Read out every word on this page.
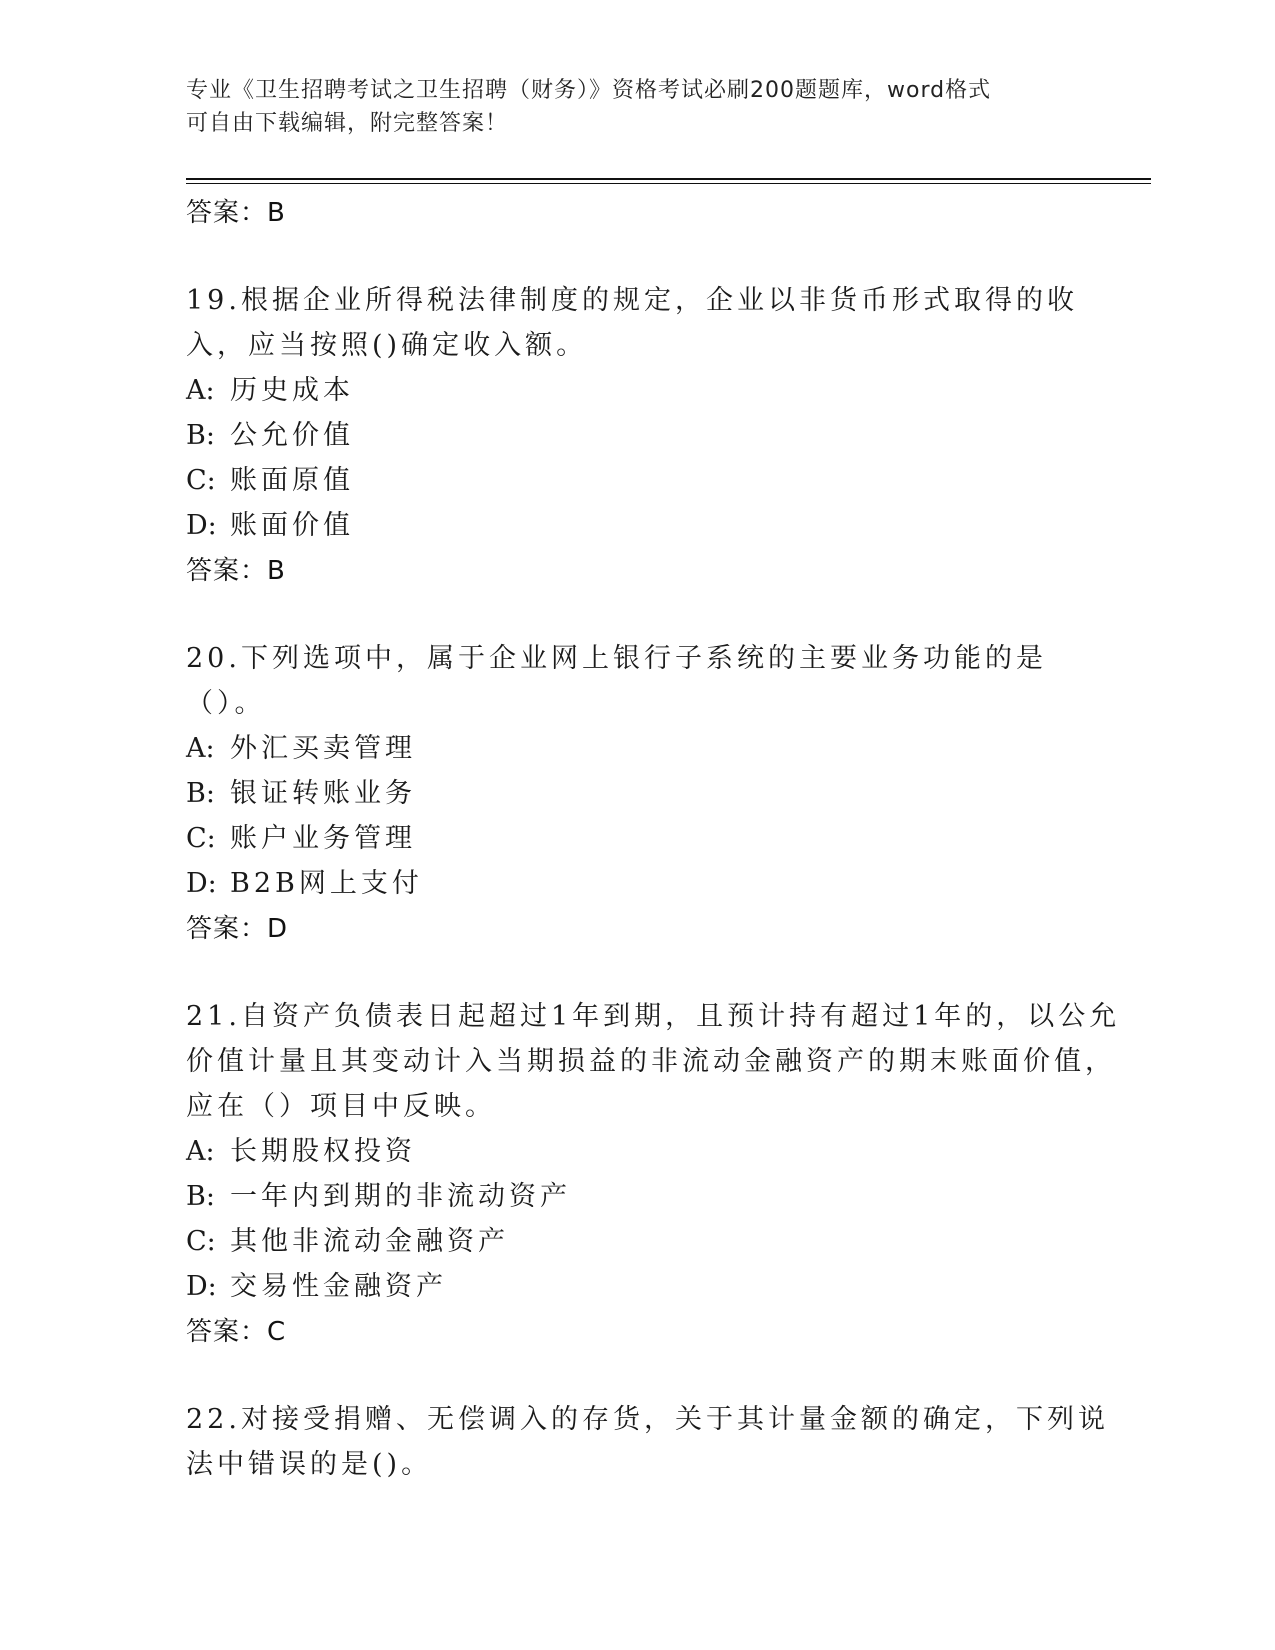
专业《卫生招聘考试之卫生招聘（财务）》资格考试必刷200题题库，word格式
可自由下载编辑，附完整答案！
答案：B
19.根据企业所得税法律制度的规定，企业以非货币形式取得的收入，应当按照()确定收入额。
A: 历史成本
B: 公允价值
C: 账面原值
D: 账面价值
答案：B
20.下列选项中，属于企业网上银行子系统的主要业务功能的是（）。
A: 外汇买卖管理
B: 银证转账业务
C: 账户业务管理
D: B2B网上支付
答案：D
21.自资产负债表日起超过1年到期，且预计持有超过1年的，以公允价值计量且其变动计入当期损益的非流动金融资产的期末账面价值，应在（）项目中反映。
A: 长期股权投资
B: 一年内到期的非流动资产
C: 其他非流动金融资产
D: 交易性金融资产
答案：C
22.对接受捐赠、无偿调入的存货，关于其计量金额的确定，下列说法中错误的是()。
